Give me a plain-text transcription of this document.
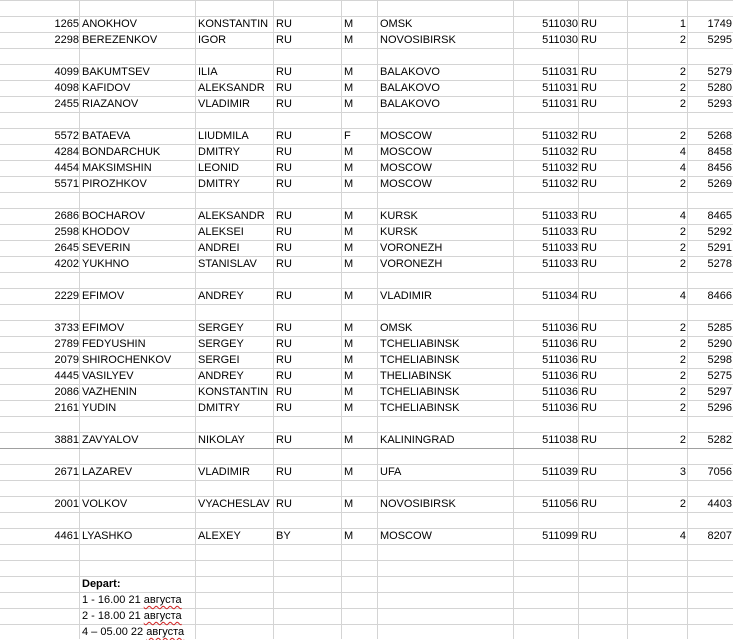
1265 ANOKHOV	KONSTANTIN RU	M	OMSK	511030 RU	1	1749
2298 BEREZENKOV	IGOR	RU	M	NOVOSIBIRSK	511030 RU	2	5295
4099 BAKUMTSEV	ILIA	RU	M	BALAKOVO	511031 RU	2	5279
4098 KAFIDOV	ALEKSANDR	RU	M	BALAKOVO	511031 RU	2	5280
2455 RIAZANOV	VLADIMIR	RU	M	BALAKOVO	511031 RU	2	5293
5572 BATAEVA	LIUDMILA	RU	F	MOSCOW	511032 RU	2	5268
4284 BONDARCHUK	DMITRY	RU	M	MOSCOW	511032 RU	4	8458
4454 MAKSIMSHIN	LEONID	RU	M	MOSCOW	511032 RU	4	8456
5571 PIROZHKOV	DMITRY	RU	M	MOSCOW	511032 RU	2	5269
2686 BOCHAROV	ALEKSANDR	RU	M	KURSK	511033 RU	4	8465
2598 KHODOV	ALEKSEI	RU	M	KURSK	511033 RU	2	5292
2645 SEVERIN	ANDREI	RU	M	VORONEZH	511033 RU	2	5291
4202 YUKHNO	STANISLAV	RU	M	VORONEZH	511033 RU	2	5278
2229 EFIMOV	ANDREY	RU	M	VLADIMIR	511034 RU	4	8466
3733 EFIMOV	SERGEY	RU	M	OMSK	511036 RU	2	5285
2789 FEDYUSHIN	SERGEY	RU	M	TCHELIABINSK	511036 RU	2	5290
2079 SHIROCHENKOV	SERGEI	RU	M	TCHELIABINSK	511036 RU	2	5298
4445 VASILYEV	ANDREY	RU	M	THELIABINSK	511036 RU	2	5275
2086 VAZHENIN	KONSTANTIN RU	M	TCHELIABINSK	511036 RU	2	5297
2161 YUDIN	DMITRY	RU	M	TCHELIABINSK	511036 RU	2	5296
3881 ZAVYALOV	NIKOLAY	RU	M	KALININGRAD	511038 RU	2	5282
2671 LAZAREV	VLADIMIR	RU	M	UFA	511039 RU	3	7056
2001 VOLKOV	VYACHESLAV RU	M	NOVOSIBIRSK	511056 RU	2	4403
4461 LYASHKO	ALEXEY	BY	M	MOSCOW	511099 RU	4	8207
Depart:
1 - 16.00 21 августа
2 - 18.00 21 августа
4 – 05.00 22 августа
